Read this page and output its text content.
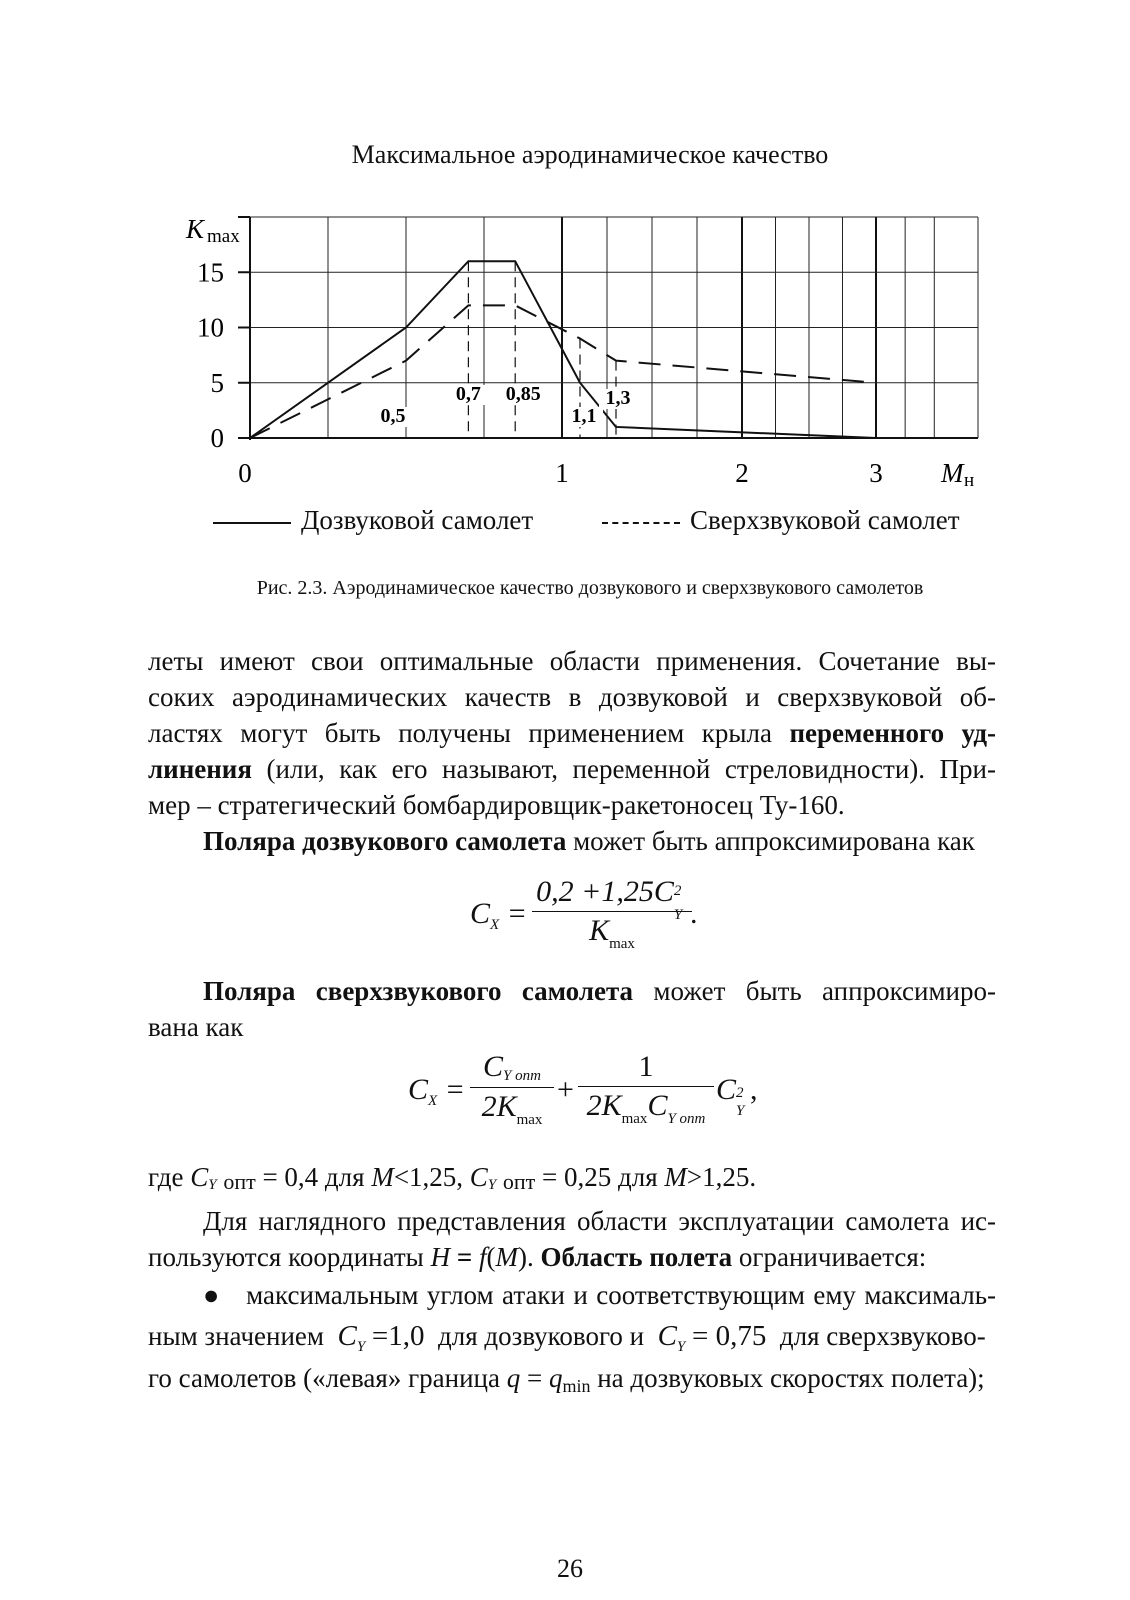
Максимальное аэродинамическое качество
0,5
0,7 0,85
1,1
1,3
0
5
10
15
0	1	2	3
K max
M н
Дозвуковой самолет	Сверхзвуковой самолет
Рис. 2.3. Аэродинамическое качество дозвукового и сверхзвукового самолетов
леты имеют свои оптимальные области применения. Сочетание вы-
соких аэродинамических качеств в дозвуковой и сверхзвуковой об-
ластях могут быть получены применением крыла переменного уд-
линения (или, как его называют, переменной стреловидности). При-
мер – стратегический бомбардировщик-ракетоносец Ту-160.
Поляра дозвукового самолета может быть аппроксимирована как
$C_X$ =
0,2 +1,25C 2
Y
$K_{max}$
.
Поляра сверхзвукового самолета может быть аппроксимиро-
вана как
$C_X$ =
CY опт
$2K_{max}$
+
1
$2K_{max}C_{Y опт}$
C 2
Y
,
где CY опт = 0,4 для M<1,25, CY опт = 0,25 для M>1,25.
Для наглядного представления области эксплуатации самолета ис-
пользуются координаты H = f(M). Область полета ограничивается:
●   максимальным углом атаки и соответствующим ему максималь-
ным значением $C_Y =1,0$ для дозвукового и $C_Y = 0,75$ для сверхзвуково-
го самолетов («левая» граница q = qmin на дозвуковых скоростях полета);
26
